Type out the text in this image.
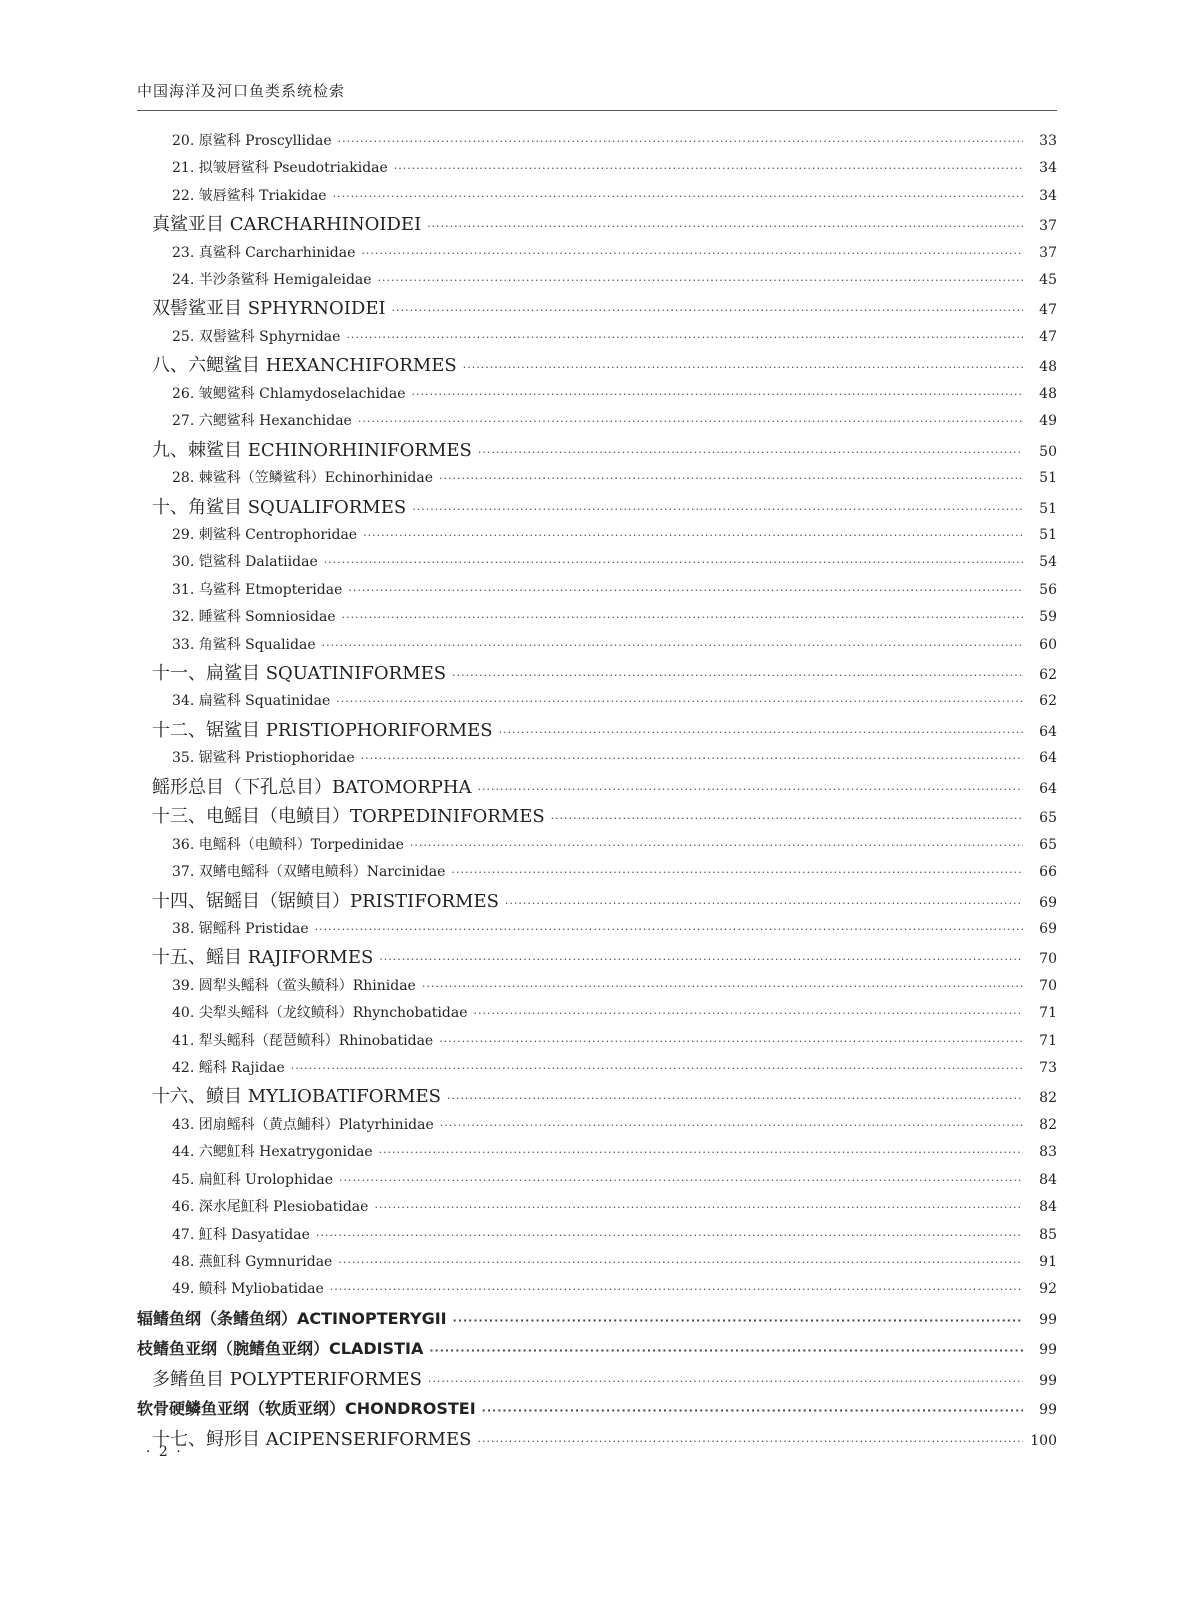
中国海洋及河口鱼类系统检索
20. 原鲨科 Proscyllidae ·····	33
21. 拟皱唇鲨科 Pseudotriakidae ·····	34
22. 皱唇鲨科 Triakidae ·····	34
真鲨亚目 CARCHARHINOIDEI ·····	37
23. 真鲨科 Carcharhinidae ·····	37
24. 半沙条鲨科 Hemigaleidae ·····	45
双髻鲨亚目 SPHYRNOIDEI ·····	47
25. 双髻鲨科 Sphyrnidae ·····	47
八、六鳃鲨目 HEXANCHIFORMES ·····	48
26. 皱鳃鲨科 Chlamydoselachidae ·····	48
27. 六鳃鲨科 Hexanchidae ·····	49
九、棘鲨目 ECHINORHINIFORMES ·····	50
28. 棘鲨科（笠鳞鲨科）Echinorhinidae ·····	51
十、角鲨目 SQUALIFORMES ·····	51
29. 刺鲨科 Centrophoridae ·····	51
30. 铠鲨科 Dalatiidae ·····	54
31. 乌鲨科 Etmopteridae ·····	56
32. 睡鲨科 Somniosidae ·····	59
33. 角鲨科 Squalidae ·····	60
十一、扁鲨目 SQUATINIFORMES ·····	62
34. 扁鲨科 Squatinidae ·····	62
十二、锯鲨目 PRISTIOPHORIFORMES ·····	64
35. 锯鲨科 Pristiophoridae ·····	64
鳐形总目（下孔总目）BATOMORPHA ·····	64
十三、电鳐目（电鲼目）TORPEDINIFORMES ·····	65
36. 电鳐科（电鲼科）Torpedinidae ·····	65
37. 双鳍电鳐科（双鳍电鲼科）Narcinidae ·····	66
十四、锯鳐目（锯鲼目）PRISTIFORMES ·····	69
38. 锯鳐科 Pristidae ·····	69
十五、鳐目 RAJIFORMES ·····	70
39. 圆犁头鳐科（鲎头鲼科）Rhinidae ·····	70
40. 尖犁头鳐科（龙纹鲼科）Rhynchobatidae ·····	71
41. 犁头鳐科（琵琶鲼科）Rhinobatidae ·····	71
42. 鳐科 Rajidae ·····	73
十六、鲼目 MYLIOBATIFORMES ·····	82
43. 团扇鳐科（黄点鯆科）Platyrhinidae ·····	82
44. 六鳃魟科 Hexatrygonidae ·····	83
45. 扁魟科 Urolophidae ·····	84
46. 深水尾魟科 Plesiobatidae ·····	84
47. 魟科 Dasyatidae ·····	85
48. 燕魟科 Gymnuridae ·····	91
49. 鲼科 Myliobatidae ·····	92
辐鳍鱼纲（条鳍鱼纲）ACTINOPTERYGII ·····	99
枝鳍鱼亚纲（腕鳍鱼亚纲）CLADISTIA ·····	99
多鳍鱼目 POLYPTERIFORMES ·····	99
软骨硬鳞鱼亚纲（软质亚纲）CHONDROSTEI ·····	99
十七、鲟形目 ACIPENSERIFORMES ·····	100
· 2 ·
